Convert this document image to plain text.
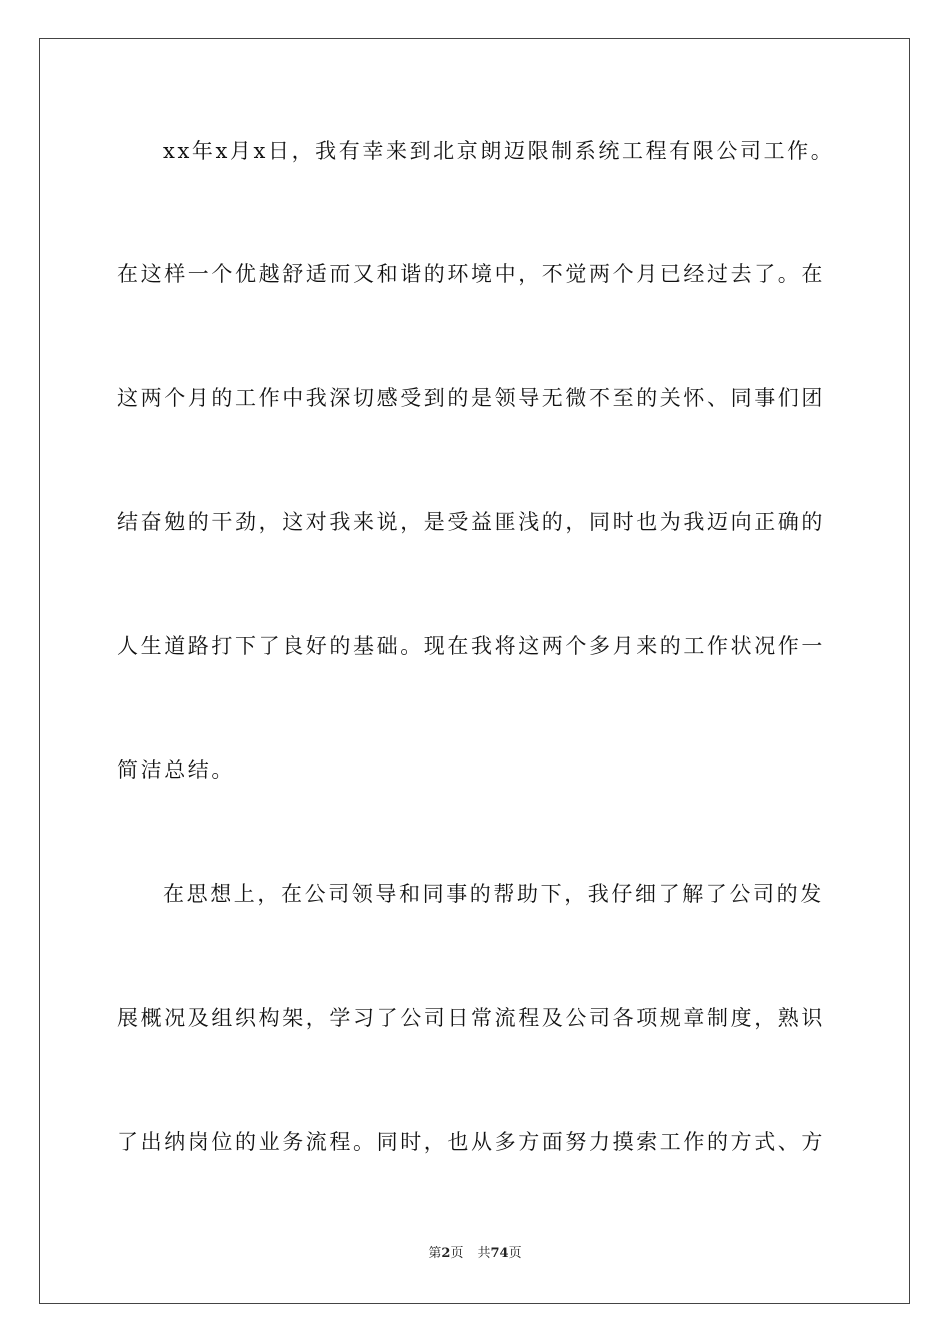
xx年x月x日，我有幸来到北京朗迈限制系统工程有限公司工作。
在这样一个优越舒适而又和谐的环境中，不觉两个月已经过去了。在
这两个月的工作中我深切感受到的是领导无微不至的关怀、同事们团
结奋勉的干劲，这对我来说，是受益匪浅的，同时也为我迈向正确的
人生道路打下了良好的基础。现在我将这两个多月来的工作状况作一
简洁总结。
在思想上，在公司领导和同事的帮助下，我仔细了解了公司的发
展概况及组织构架，学习了公司日常流程及公司各项规章制度，熟识
了出纳岗位的业务流程。同时，也从多方面努力摸索工作的方式、方
第2页 共74页
